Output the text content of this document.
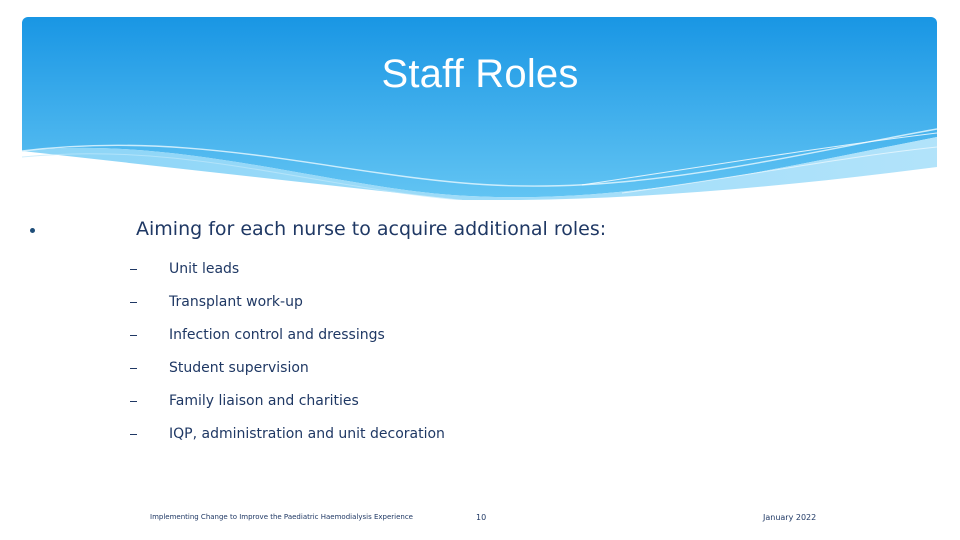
Staff Roles
Aiming for each nurse to acquire additional roles:
Unit leads
Transplant work-up
Infection control and dressings
Student supervision
Family liaison and charities
IQP, administration and unit decoration
Implementing Change to Improve the Paediatric Haemodialysis Experience	10	January 2022
